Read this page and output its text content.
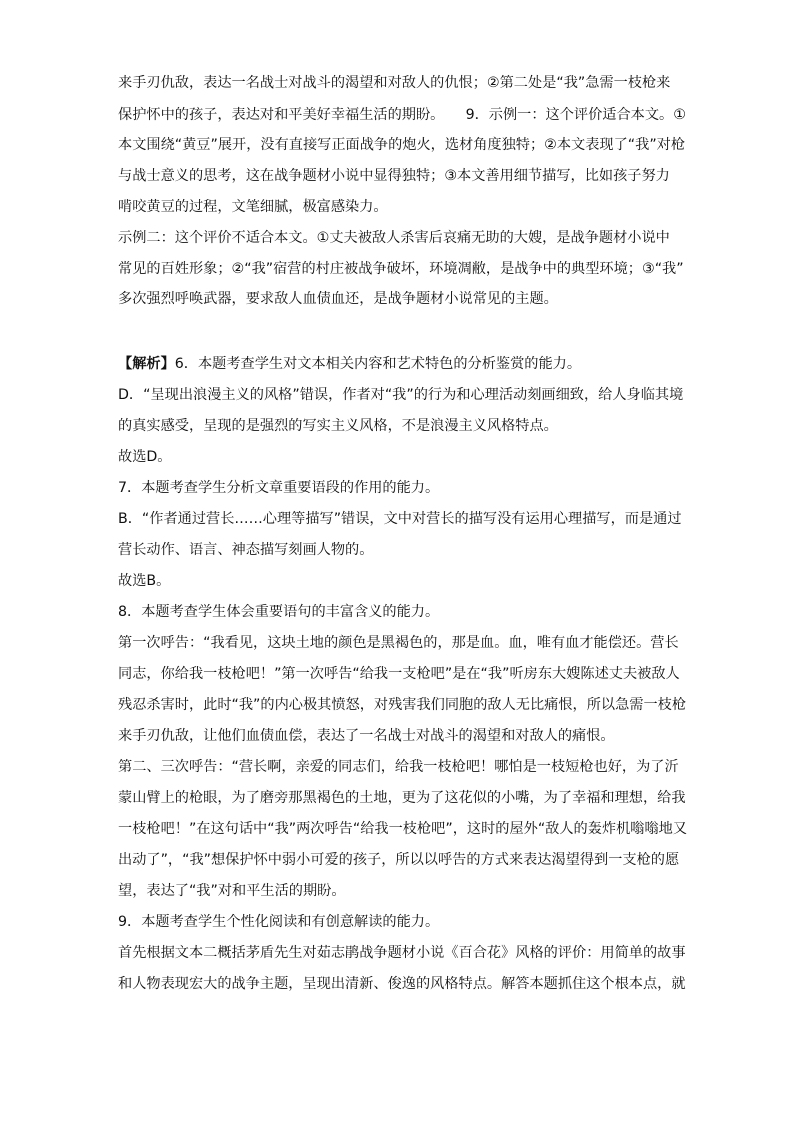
来手刃仇敌，表达一名战士对战斗的渴望和对敌人的仇恨；②第二处是“我”急需一枝枪来
保护怀中的孩子，表达对和平美好幸福生活的期盼。　　9．示例一：这个评价适合本文。①
本文围绕“黄豆”展开，没有直接写正面战争的炮火，选材角度独特；②本文表现了“我”对枪
与战士意义的思考，这在战争题材小说中显得独特；③本文善用细节描写，比如孩子努力
啃咬黄豆的过程，文笔细腻，极富感染力。
示例二：这个评价不适合本文。①丈夫被敌人杀害后哀痛无助的大嫂，是战争题材小说中
常见的百姓形象；②“我”宿营的村庄被战争破坏，环境凋敝，是战争中的典型环境；③“我”
多次强烈呼唤武器，要求敌人血债血还，是战争题材小说常见的主题。
【解析】6．本题考查学生对文本相关内容和艺术特色的分析鉴赏的能力。
D．“呈现出浪漫主义的风格”错误，作者对“我”的行为和心理活动刻画细致，给人身临其境
的真实感受，呈现的是强烈的写实主义风格，不是浪漫主义风格特点。
故选D。
7．本题考查学生分析文章重要语段的作用的能力。
B．“作者通过营长……心理等描写”错误，文中对营长的描写没有运用心理描写，而是通过
营长动作、语言、神态描写刻画人物的。
故选B。
8．本题考查学生体会重要语句的丰富含义的能力。
第一次呼告：“我看见，这块土地的颜色是黑褐色的，那是血。血，唯有血才能偿还。营长
同志，你给我一枝枪吧！”第一次呼告“给我一支枪吧”是在“我”听房东大嫂陈述丈夫被敌人
残忍杀害时，此时“我”的内心极其愤怒，对残害我们同胞的敌人无比痛恨，所以急需一枝枪
来手刃仇敌，让他们血债血偿，表达了一名战士对战斗的渴望和对敌人的痛恨。
第二、三次呼告：“营长啊，亲爱的同志们，给我一枝枪吧！哪怕是一枝短枪也好，为了沂
蒙山臂上的枪眼，为了磨旁那黑褐色的土地，更为了这花似的小嘴，为了幸福和理想，给我
一枝枪吧！”在这句话中“我”两次呼告“给我一枝枪吧”，这时的屋外“敌人的轰炸机嗡嗡地又
出动了”，“我”想保护怀中弱小可爱的孩子，所以以呼告的方式来表达渴望得到一支枪的愿
望，表达了“我”对和平生活的期盼。
9．本题考查学生个性化阅读和有创意解读的能力。
首先根据文本二概括茅盾先生对茹志鹃战争题材小说《百合花》风格的评价：用简单的故事
和人物表现宏大的战争主题，呈现出清新、俊逸的风格特点。解答本题抓住这个根本点，就
